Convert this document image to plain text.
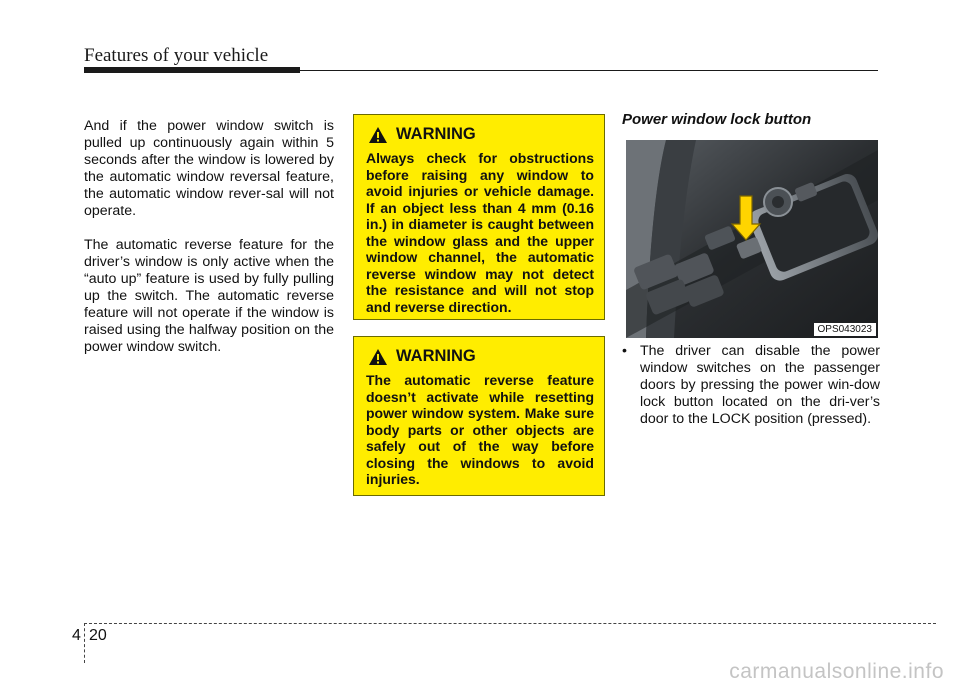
Features of your vehicle

And if the power window switch is pulled up continuously again within 5 seconds after the window is lowered by the automatic window reversal feature, the automatic window rever-sal will not operate.

The automatic reverse feature for the driver’s window is only active when the “auto up” feature is used by fully pulling up the switch. The automatic reverse feature will not operate if the window is raised using the halfway position on the power window switch.

WARNING
Always check for obstructions before raising any window to avoid injuries or vehicle damage. If an object less than 4 mm (0.16 in.) in diameter is caught between the window glass and the upper window channel, the automatic reverse window may not detect the resistance and will not stop and reverse direction.
WARNING
The automatic reverse feature doesn’t activate while resetting power window system. Make sure body parts or other objects are safely out of the way before closing the windows to avoid injuries.
Power window lock button
OPS043023
• The driver can disable the power window switches on the passenger doors by pressing the power win-dow lock button located on the dri-ver’s door to the LOCK position (pressed).
4 20
carmanualsonline.info
